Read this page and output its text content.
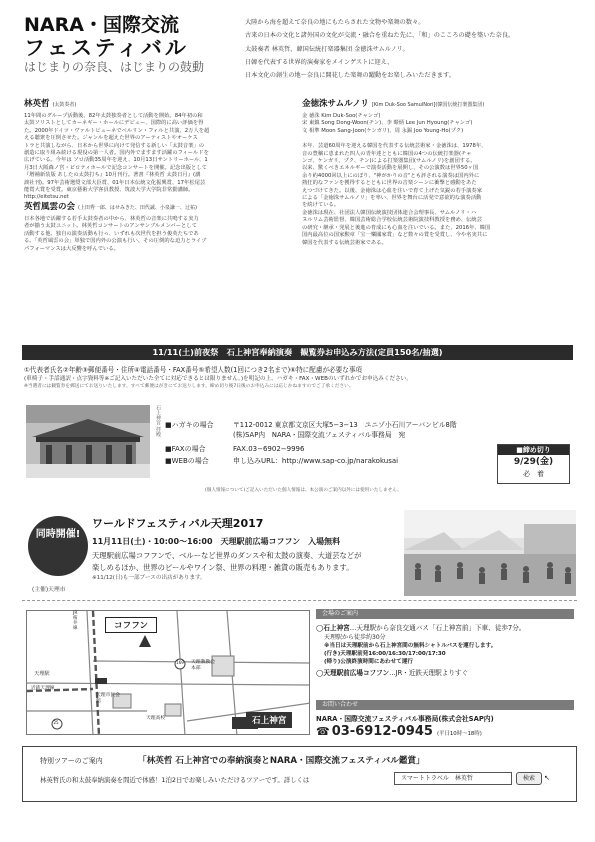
NARA・国際交流
フェスティバル
はじまりの奈良、はじまりの鼓動
大陸から海を超えて奈良の地にもたらされた文物や楽舞の数々。
古来の日本の文化と諸外国の文化が交流・融合を重ねた先に、「和」のこころの礎を築いた奈良。
太鼓奏者 林英哲、韓国伝統打楽器集団 金徳洙サムルノリ。
日韓を代表する世界的演奏家をメインゲストに迎え、
日本文化の創生の地～奈良に開花した楽舞の躍動をお楽しみいただきます。
林英哲 (太鼓奏者)
11年間のグループ活動後、82年太鼓独奏者として活動を開始。84年初の和
太鼓ソリストとしてカーネギー・ホールにデビュー、国際的に高い評価を得
た。2000年ドイツ・ヴァルトビューネでベルリン・フィルと共演、2万人を超
える聴衆を圧倒させた。ジャンルを超えた世界のアーティストやオーケス
トラと共演しながら、日本から世界に向けて発信する新しい「太鼓音楽」の
創造に取り組み続ける現役の第一人者。国内外でますます活躍のフィールドを
広げている。今年は ソロ活動35周年を迎え、10月13日サントリーホール、1
月3日大阪森ノ宮・ピロティホールで記念コンサートを開催。記念出版として
『増補新装版 あしたの太鼓打ち』10月刊行。著書『林英哲 太鼓日月』(講
談社刊)。97年芸術選奨文部大臣賞、01年日本伝統文化振興賞、17年松尾芸
能賞大賞を受賞。東京藝術大学客員教授、筑波大学大学院非常勤講師。
http://eitetsu.net
英哲風雲の会 (上田秀一郎、はせみきた、田代誠、小泉謙一、辻祐)
日本各地で活躍する若手太鼓奏者の中から、林英哲の音楽に共鳴する実力
者が揃う太鼓ユニット。林英哲コンサートのアンサンブルメンバーとして
活動する他、独自の演奏活動も行っ、いずれも次世代を担う俊英たちであ
る。「英哲風雲の会」単独で国内外の公演も行い、その圧倒的な迫力とライブ
パフォーマンスは大反響を呼んでいる。
金徳洙サムルノリ [Kim Duk-Soo SamulNori](韓国伝統打楽器集団)
金 徳洙 Kim Duk-Soo(チャンゴ)
宋 東鎮 Song Dong-Woon(チン)、李 暻炳 Lee Jun Hyoung(チャンゴ)
文 相準 Moon Sang-Joon(ケンガリ)、周 永錫 Joo Young-Ho(プク)
本年、芸道60周年を迎える韓国を代表する伝統芸術家・金徳洙は、1978年、
音の豊穣に恵まれた四人の青年達とともに韓国の4つの伝統打楽器(チャ
ンゴ、ケンガリ、プク、チン)による打楽器集団(サムルノリ)を創団する。
以来、驚くべきエネルギーで演奏活動を展開し、その公演数は世界50ヶ国
余り約4000回以上にのぼり、"神がかりの音"とも評される演奏は国内外に
熱狂的なファンを獲得するとともに世界の音楽シーンに衝撃と感動をあた
えつづけてきた。以後、金徳洙は心血を注いで育て上げた気鋭の若手演奏家
による「金徳洙サムルノリ」を率い、世界を舞台に活発で意欲的な演奏活動
を続けている。
金徳洙は現在、社団法人韓国伝統演技団体連合会理事長、サムルノリ・ハ
ヌルリム芸術監督、韓国芸術総合学校伝統芸術院演技科教授を務め、伝統芸
の研究・継承・発展と後進の育成にも心血を注いでいる。また、2016年、韓国
国内最高位の国家勲章「宝一樂國家賞」など数々の賞を受賞し、今や名実共に
韓国を代表する伝統芸術家である。
11/11(土)前夜祭　石上神宮奉納演奏　観覧券お申込み方法(定員150名/抽選)
①代表者氏名②年齢③郵便番号・住所④電話番号・FAX番号⑤希望人数(1回につき2名まで)⑥特に配慮が必要な事項
(車椅子・手話通訳・点字資料等※ご記入いただいた全てに対応できるとは限りません。)を明記の上、ハガキ・FAX・WEBのいずれかでお申込みください。
※当選者には観覧券を郵送にてお送りいたします。すべて郵便はがきにてお送りします。締め切り後7日後のお申込みには応じかねますのでご了承ください。
石上神宮 拝殿 ■ハガキの場合	〒112-0012 東京都文京区大塚5−3−13　ユニゾ小石川アーバンビル8階
(株)SAP内　NARA・国際交流フェスティバル事務局　宛
■FAXの場合	FAX.03−6902−9996
■WEBの場合	申し込みURL：http://www.sap-co.jp/narakokusai
■締め切り
9/29(金)
必　着
(個人情報について)ご記入いただいた個人情報は、本公演のご案内以外には使用いたしません。
同時開催!
(主催)天理市
ワールドフェスティバル天理2017
11月11日(土)・10:00〜16:00　天理駅前広場コフフン　入場無料
天理駅前広場コフフンで、ベルーなど世界のダンスや和太鼓の演奏、大道芸などが
楽しめるほか、世界のビールやワイン祭、世界の料理・雑貨の販売もあります。
※11/12(日)も一部ブースの出店があります。
コフフン
石上神宮
天理駅
近鉄天理線
JR桜井線
天理教教会本部
天理市民会館
天理高校
169
25
会場のご案内
◯石上神宮…天理駅から奈良交通バス「石上神宮前」下車、徒歩7分。
天理駅から徒歩約30分
※当日は天理駅前から石上神宮間の無料シャトルバスを運行します。
(行き)天理駅前発16:00/16:30/17:00/17:30
(帰り)公演終演時間にあわせて運行
◯天理駅前広場コフフン…JR・近鉄天理駅よりすぐ
お問い合わせ
NARA・国際交流フェスティバル事務局(株式会社SAP内)
☎ 03-6912-0945 (平日10時〜18時)
特別ツアーのご案内	「林英哲 石上神宮での奉納演奏とNARA・国際交流フェスティバル鑑賞」
林英哲氏の和太鼓奉納演奏を間近で体感！1泊2日でお楽しみいただけるツアーです。詳しくは	スマートトラベル　林英哲	検索	↖
